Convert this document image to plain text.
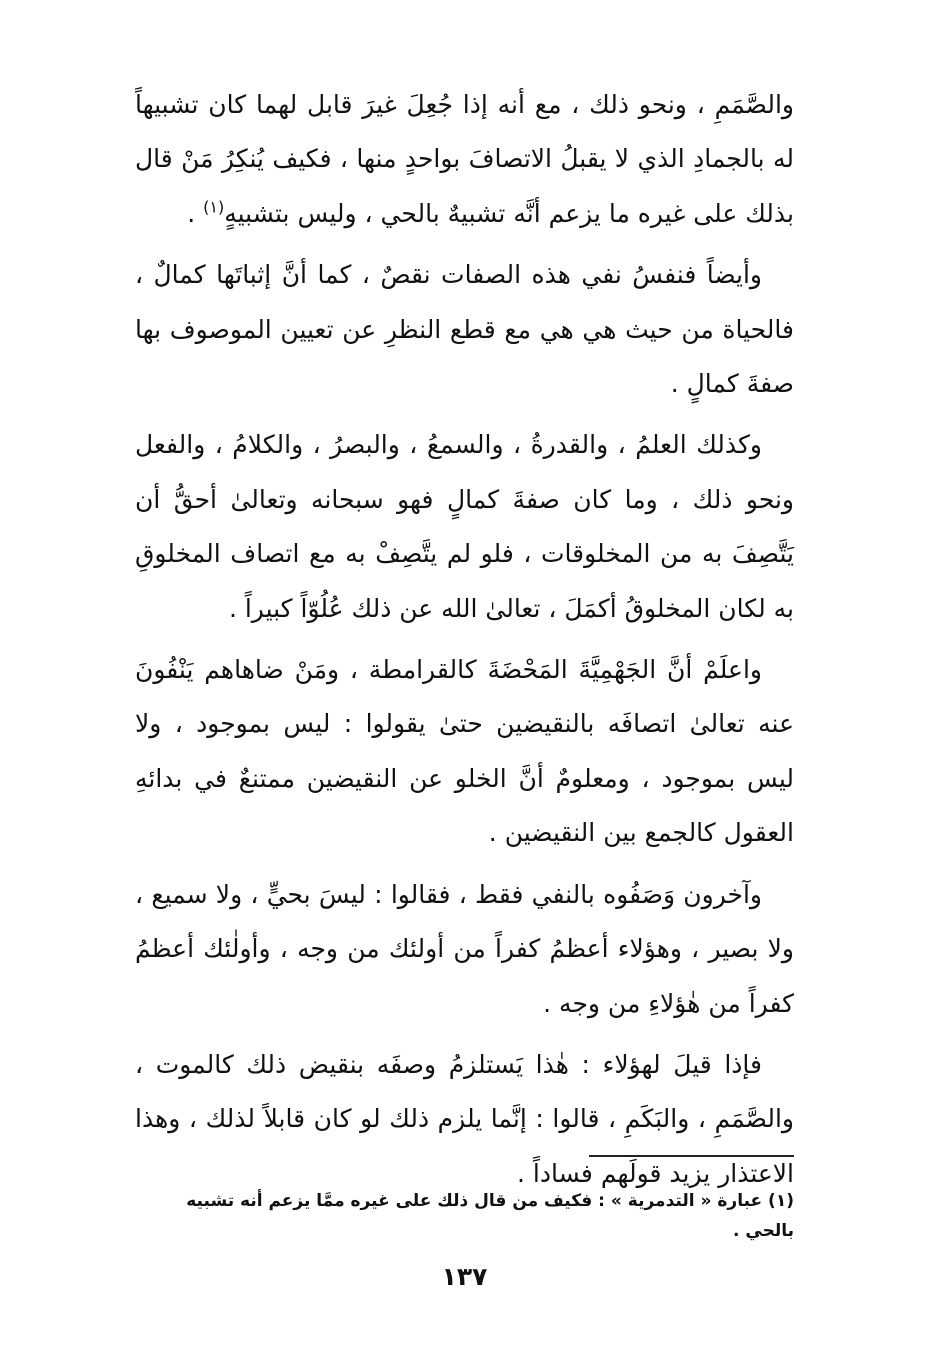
والصَّمَمِ ، ونحو ذلك ، مع أنه إذا جُعِلَ غيرَ قابل لهما كان تشبيهاً له بالجمادِ الذي لا يقبلُ الاتصافَ بواحدٍ منها ، فكيف يُنكِرُ مَنْ قال بذلك على غيره ما يزعم أنَّه تشبيهٌ بالحي ، وليس بتشبيهٍ$^{(١)}$ .

وأيضاً فنفسُ نفي هذه الصفات نقصٌ ، كما أنَّ إثباتَها كمالٌ ، فالحياة من حيث هي هي مع قطع النظرِ عن تعيين الموصوف بها صفةَ كمالٍ .

وكذلك العلمُ ، والقدرةُ ، والسمعُ ، والبصرُ ، والكلامُ ، والفعل ونحو ذلك ، وما كان صفةَ كمالٍ فهو سبحانه وتعالىٰ أحقُّ أن يَتَّصِفَ به من المخلوقات ، فلو لم يتَّصِفْ به مع اتصاف المخلوقِ به لكان المخلوقُ أكمَلَ ، تعالىٰ الله عن ذلك عُلُوّاً كبيراً .

واعلَمْ أنَّ الجَهْمِيَّةَ المَحْضَةَ كالقرامطة ، ومَنْ ضاهاهم يَنْفُونَ عنه تعالىٰ اتصافَه بالنقيضين حتىٰ يقولوا : ليس بموجود ، ولا ليس بموجود ، ومعلومٌ أنَّ الخلو عن النقيضين ممتنعٌ في بدائهِ العقول كالجمع بين النقيضين .

وآخرون وَصَفُوه بالنفي فقط ، فقالوا : ليسَ بحيٍّ ، ولا سميع ، ولا بصير ، وهؤلاء أعظمُ كفراً من أولئك من وجه ، وأولٰئك أعظمُ كفراً من هٰؤلاءِ من وجه .

فإذا قيلَ لهؤلاء : هٰذا يَستلزمُ وصفَه بنقيض ذلك كالموت ، والصَّمَمِ ، والبَكَمِ ، قالوا : إنَّما يلزم ذلك لو كان قابلاً لذلك ، وهذا الاعتذار يزيد قولَهم فساداً .

(١) عبارة « التدمرية » : فكيف من قال ذلك على غيره ممَّا يزعم أنه تشبيه بالحي .
١٣٧
